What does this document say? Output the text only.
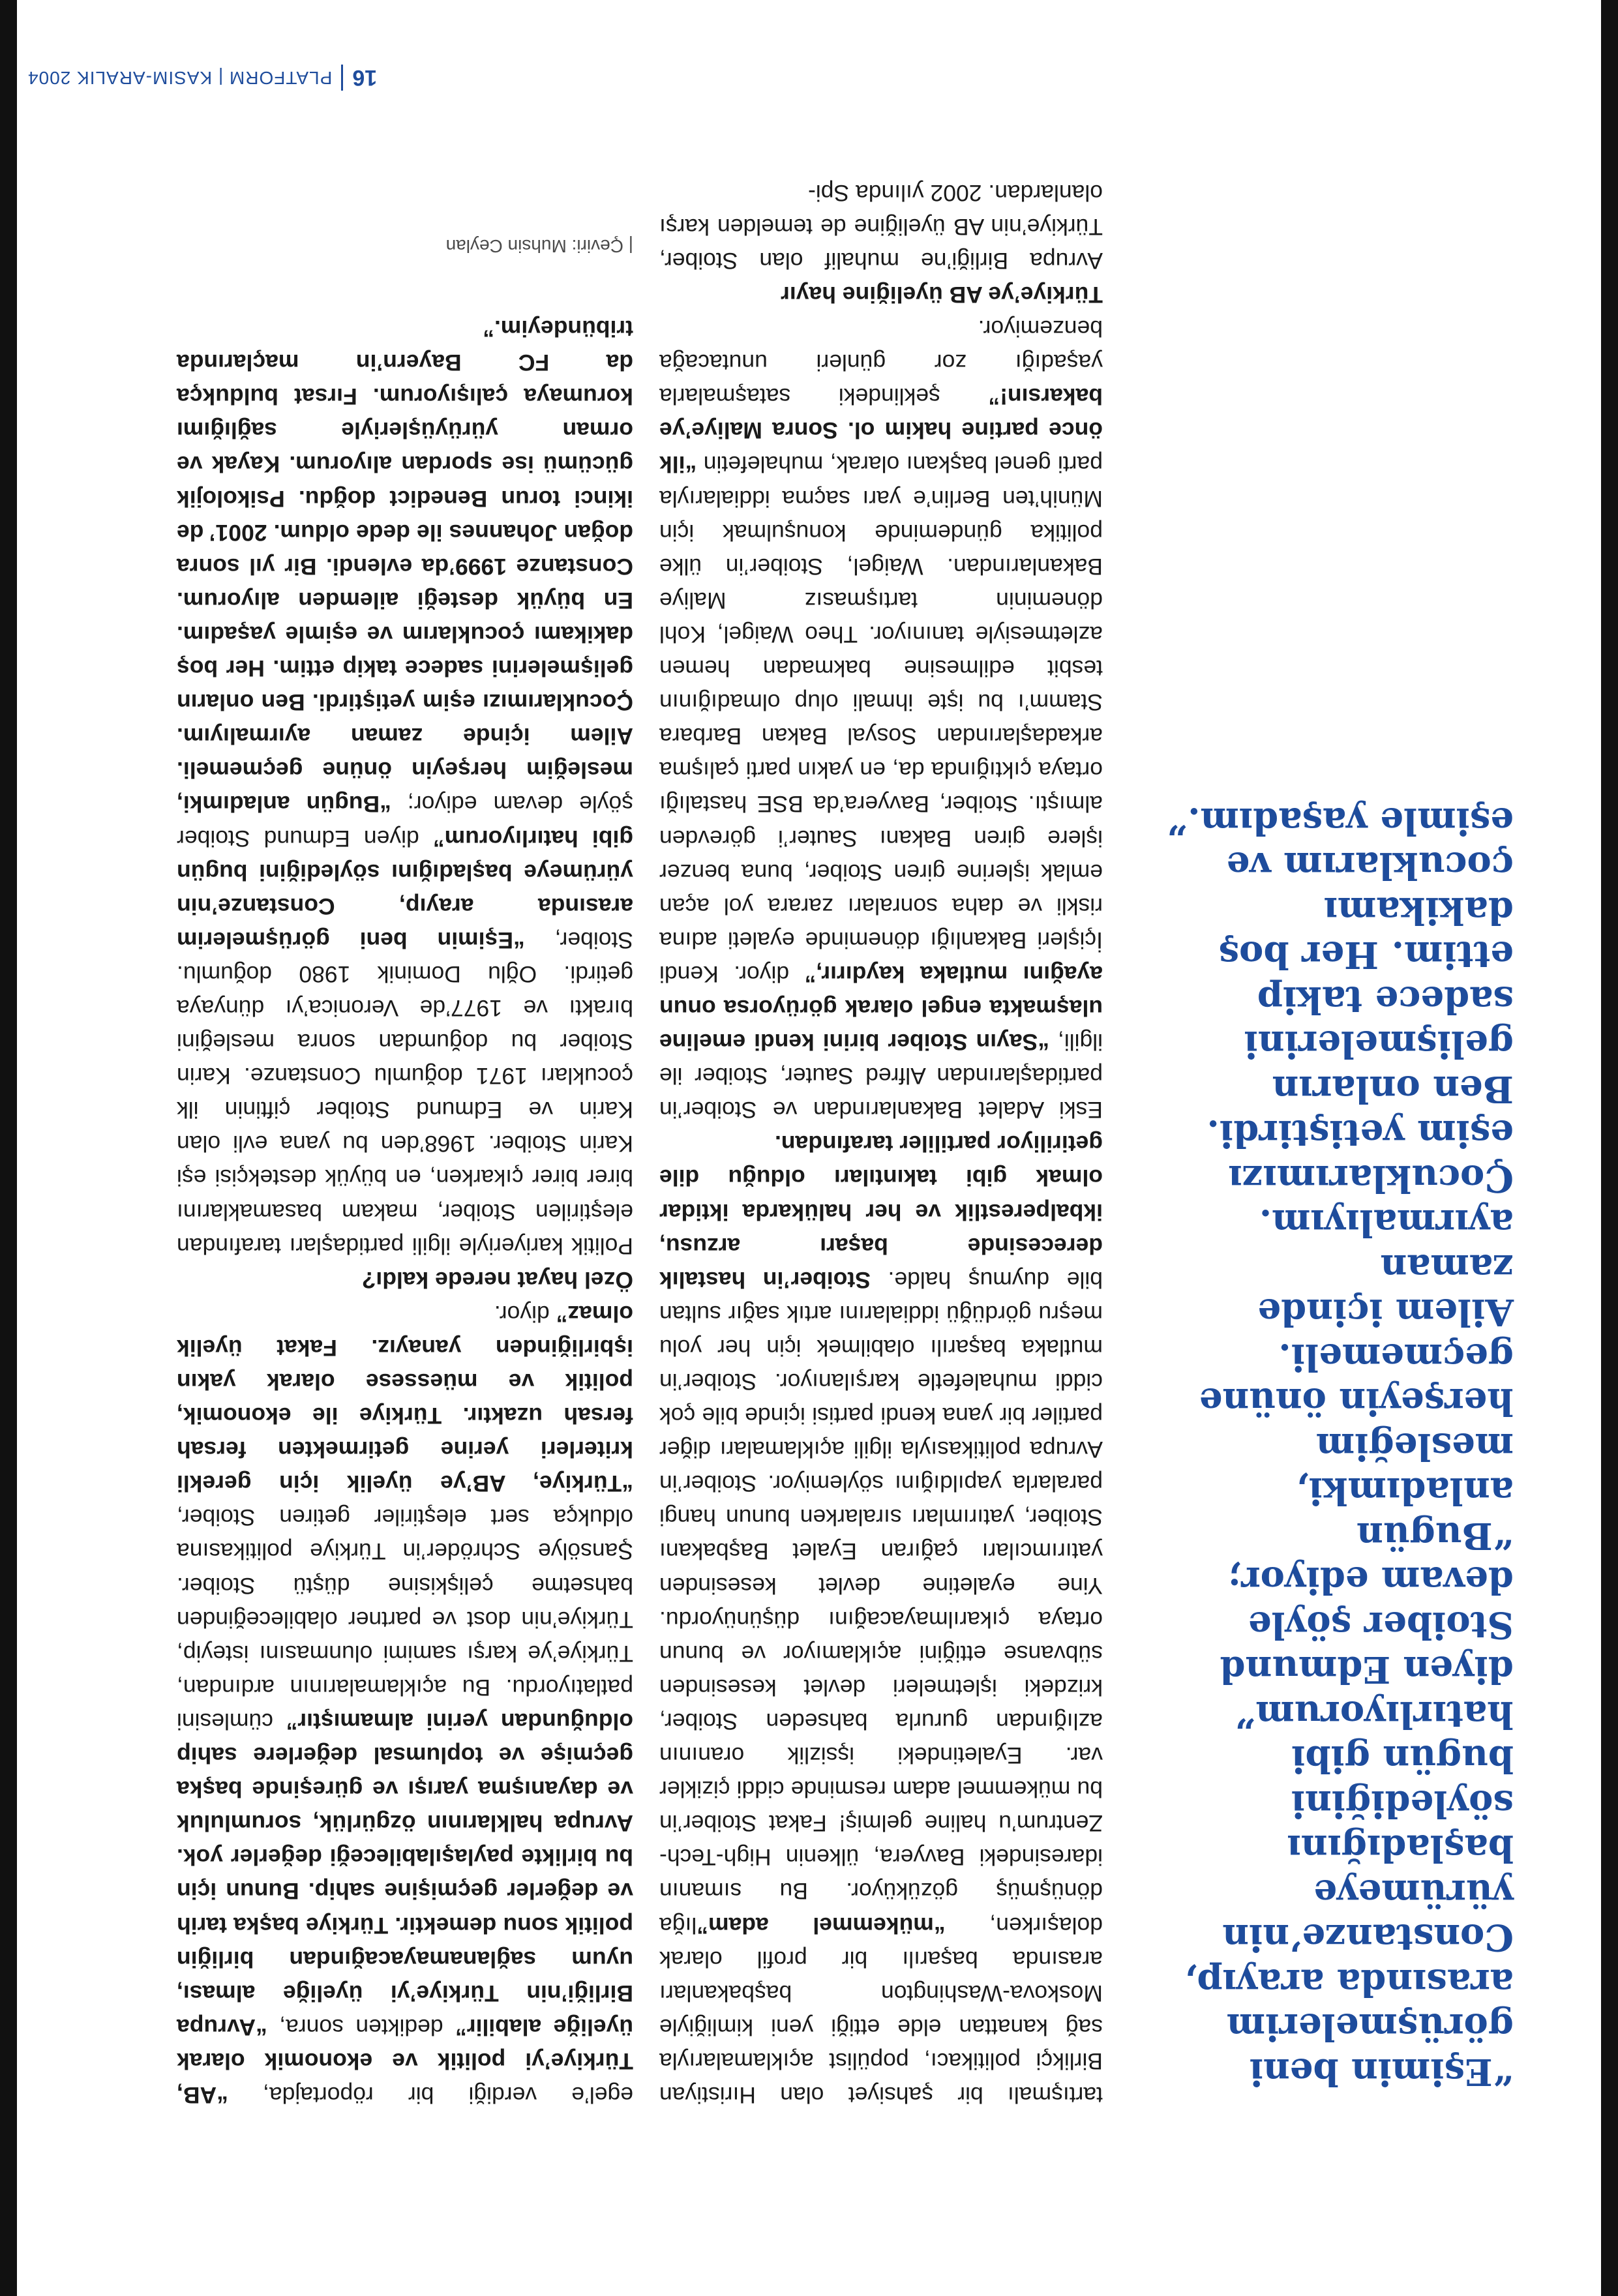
“Eşimin beni görüşmelerim arasında arayıp, Constanze’nin yürümeye başladığını söylediğini bugün gibi hatırlıyorum” diyen Edmund Stoiber şöyle devam ediyor; “Bugün anladımki, mesleğim herşeyin önüne geçmemeli. Ailem içinde zaman ayırmalıyım. Çocuklarımızı eşim yetiştirdi. Ben onların gelişmelerini sadece takip ettim. Her boş dakikamı çocuklarım ve eşimle yaşadım.”

tartışmalı bir şahsiyet olan Hıristiyan Birlikçi politikacı, popülist açıklamalarıyla sağ kanattan elde ettiği yeni kimliğiyle Moskova-Washington başbakanları arasında başarılı bir profil olarak dolaşırken, “mükemmel adam”lığa dönüşmüş gözüküyor. Bu sımanın idaresindeki Bavyera, ülkenin High-Tech-Zentrum’u haline gelmiş! Fakat Stoiber’in bu mükemmel adam resminde ciddi çizikler var. Eyaletindeki işsizlik oranının azlığından gururla bahseden Stoiber, krizdeki işletmeleri devlet kesesinden sübvanse ettiğini açıklamıyor ve bunun ortaya çıkarılmayacağını düşünüyordu. Yine eyaletine devlet kesesinden yatırımcıları çağıran Eyalet Başbakanı Stoiber, yatırımları sıralarken bunun hangi paralarla yapıldığını söylemiyor. Stoiber’in Avrupa politikasıyla ilgili açıklamaları diğer partiler bir yana kendi partisi içinde bile çok ciddi muhalefetle karşılanıyor. Stoiber’in mutlaka başarılı olabilmek için her yolu meşru gördüğü iddialarını artık sağır sultan bile duymuş halde. Stoiber’in hastalık derecesinde başarı arzusu, ikbalperestlik ve her halükarda iktidar olmak gibi takıntıları olduğu dile getiriliyor partililer tarafından.

Eski Adalet Bakanlarından ve Stoiber’in partidaşlarından Alfred Sauter, Stoiber ile ilgili, “Sayın Stoiber birini kendi emeline ulaşmakta engel olarak görüyorsa onun ayağını mutlaka kaydırır,” diyor. Kendi İçişleri Bakanlığı döneminde eyaleti adına riskli ve daha sonraları zarara yol açan emlak işlerine giren Stoiber, buna benzer işlere giren Bakanı Sauter’i görevden almıştı. Stoiber, Bavyera’da BSE hastalığı ortaya çıktığında da, en yakın parti çalışma arkadaşlarından Sosyal Bakan Barbara Stamm’ı bu işte ihmali olup olmadığının tesbit edilmesine bakmadan hemen azletmesiyle tanınıyor. Theo Waigel, Kohl döneminin tartışmasız Maliye Bakanlarından. Waigel, Stoiber’in ülke politika gündeminde konuşulmak için Münih’ten Berlin’e yarı saçma iddialarıyla parti genel başkanı olarak, muhalefetin “ilk önce partine hakim ol. Sonra Maliye’ye bakarsın!” şeklindeki sataşmalarla yaşadığı zor günleri unutacağa benzemiyor.

Türkiye’ye AB üyeliğine hayır

Avrupa Birliği’ne muhalif olan Stoiber, Türkiye’nin AB üyeliğine de temelden karşı olanlardan. 2002 yılında Spi-

egel’e verdiği bir röportajda, “AB, Türkiye’yi politik ve ekonomik olarak üyeliğe alabilir” dedikten sonra, “Avrupa Birliği’nin Türkiye’yi üyeliğe alması, uyum sağlanamayacağından birliğin politik sonu demektir. Türkiye başka tarih ve değerler geçmişine sahip. Bunun için bu birlikte paylaşılabileceği değerler yok. Avrupa halklarının özgürlük, sorumluluk ve dayanışma yarışı ve güreşinde başka geçmişe ve toplumsal değerlere sahip olduğundan yerini almamıştır” cümlesini patlatıyordu. Bu açıklamalarının ardından, Türkiye’ye karşı samimi olunmasını isteyip, Türkiye’nin dost ve partner olabileceğinden bahsetme çelişkisine düştü Stoiber. Şansölye Schröder’in Türkiye politikasına oldukça sert eleştiriler getiren Stoiber, “Türkiye, AB’ye üyelik için gerekli kriterleri yerine getirmekten fersah fersah uzaktır. Türkiye ile ekonomik, politik ve müessese olarak yakın işbirliğinden yanayız. Fakat üyelik olmaz” diyor.

Özel hayat nerede kaldı?

Politik kariyeriyle ilgili partidaşları tarafından eleştirilen Stoiber, makam basamaklarını birer birer çıkarken, en büyük destekçisi eşi Karin Stoiber. 1968’den bu yana evli olan Karin ve Edmund Stoiber çiftinin ilk çocukları 1971 doğumlu Constanze. Karin Stoiber bu doğumdan sonra mesleğini bıraktı ve 1977’de Veronica’yı dünyaya getirdi. Oğlu Dominik 1980 doğumlu. Stoiber, “Eşimin beni görüşmelerim arasında arayıp, Constanze’nin yürümeye başladığını söylediğini bugün gibi hatırlıyorum” diyen Edmund Stoiber şöyle devam ediyor; “Bugün anladımki, mesleğim herşeyin önüne geçmemeli. Ailem içinde zaman ayırmalıyım. Çocuklarımızı eşim yetiştirdi. Ben onların gelişmelerini sadece takip ettim. Her boş dakikamı çocuklarım ve eşimle yaşadım. En büyük desteği ailemden alıyorum. Constanze 1999’da evlendi. Bir yıl sonra doğan Johannes ile dede oldum. 2001’ de ikinci torun Benedict doğdu. Psikolojik gücümü ise spordan alıyorum. Kayak ve orman yürüyüşleriyle sağlığımı korumaya çalışıyorum. Fırsat buldukça da FC Bayern’in maçlarında tribündeyim.”

| Çeviri: Muhsin Ceylan
16
PLATFORM | KASIM-ARALIK 2004
